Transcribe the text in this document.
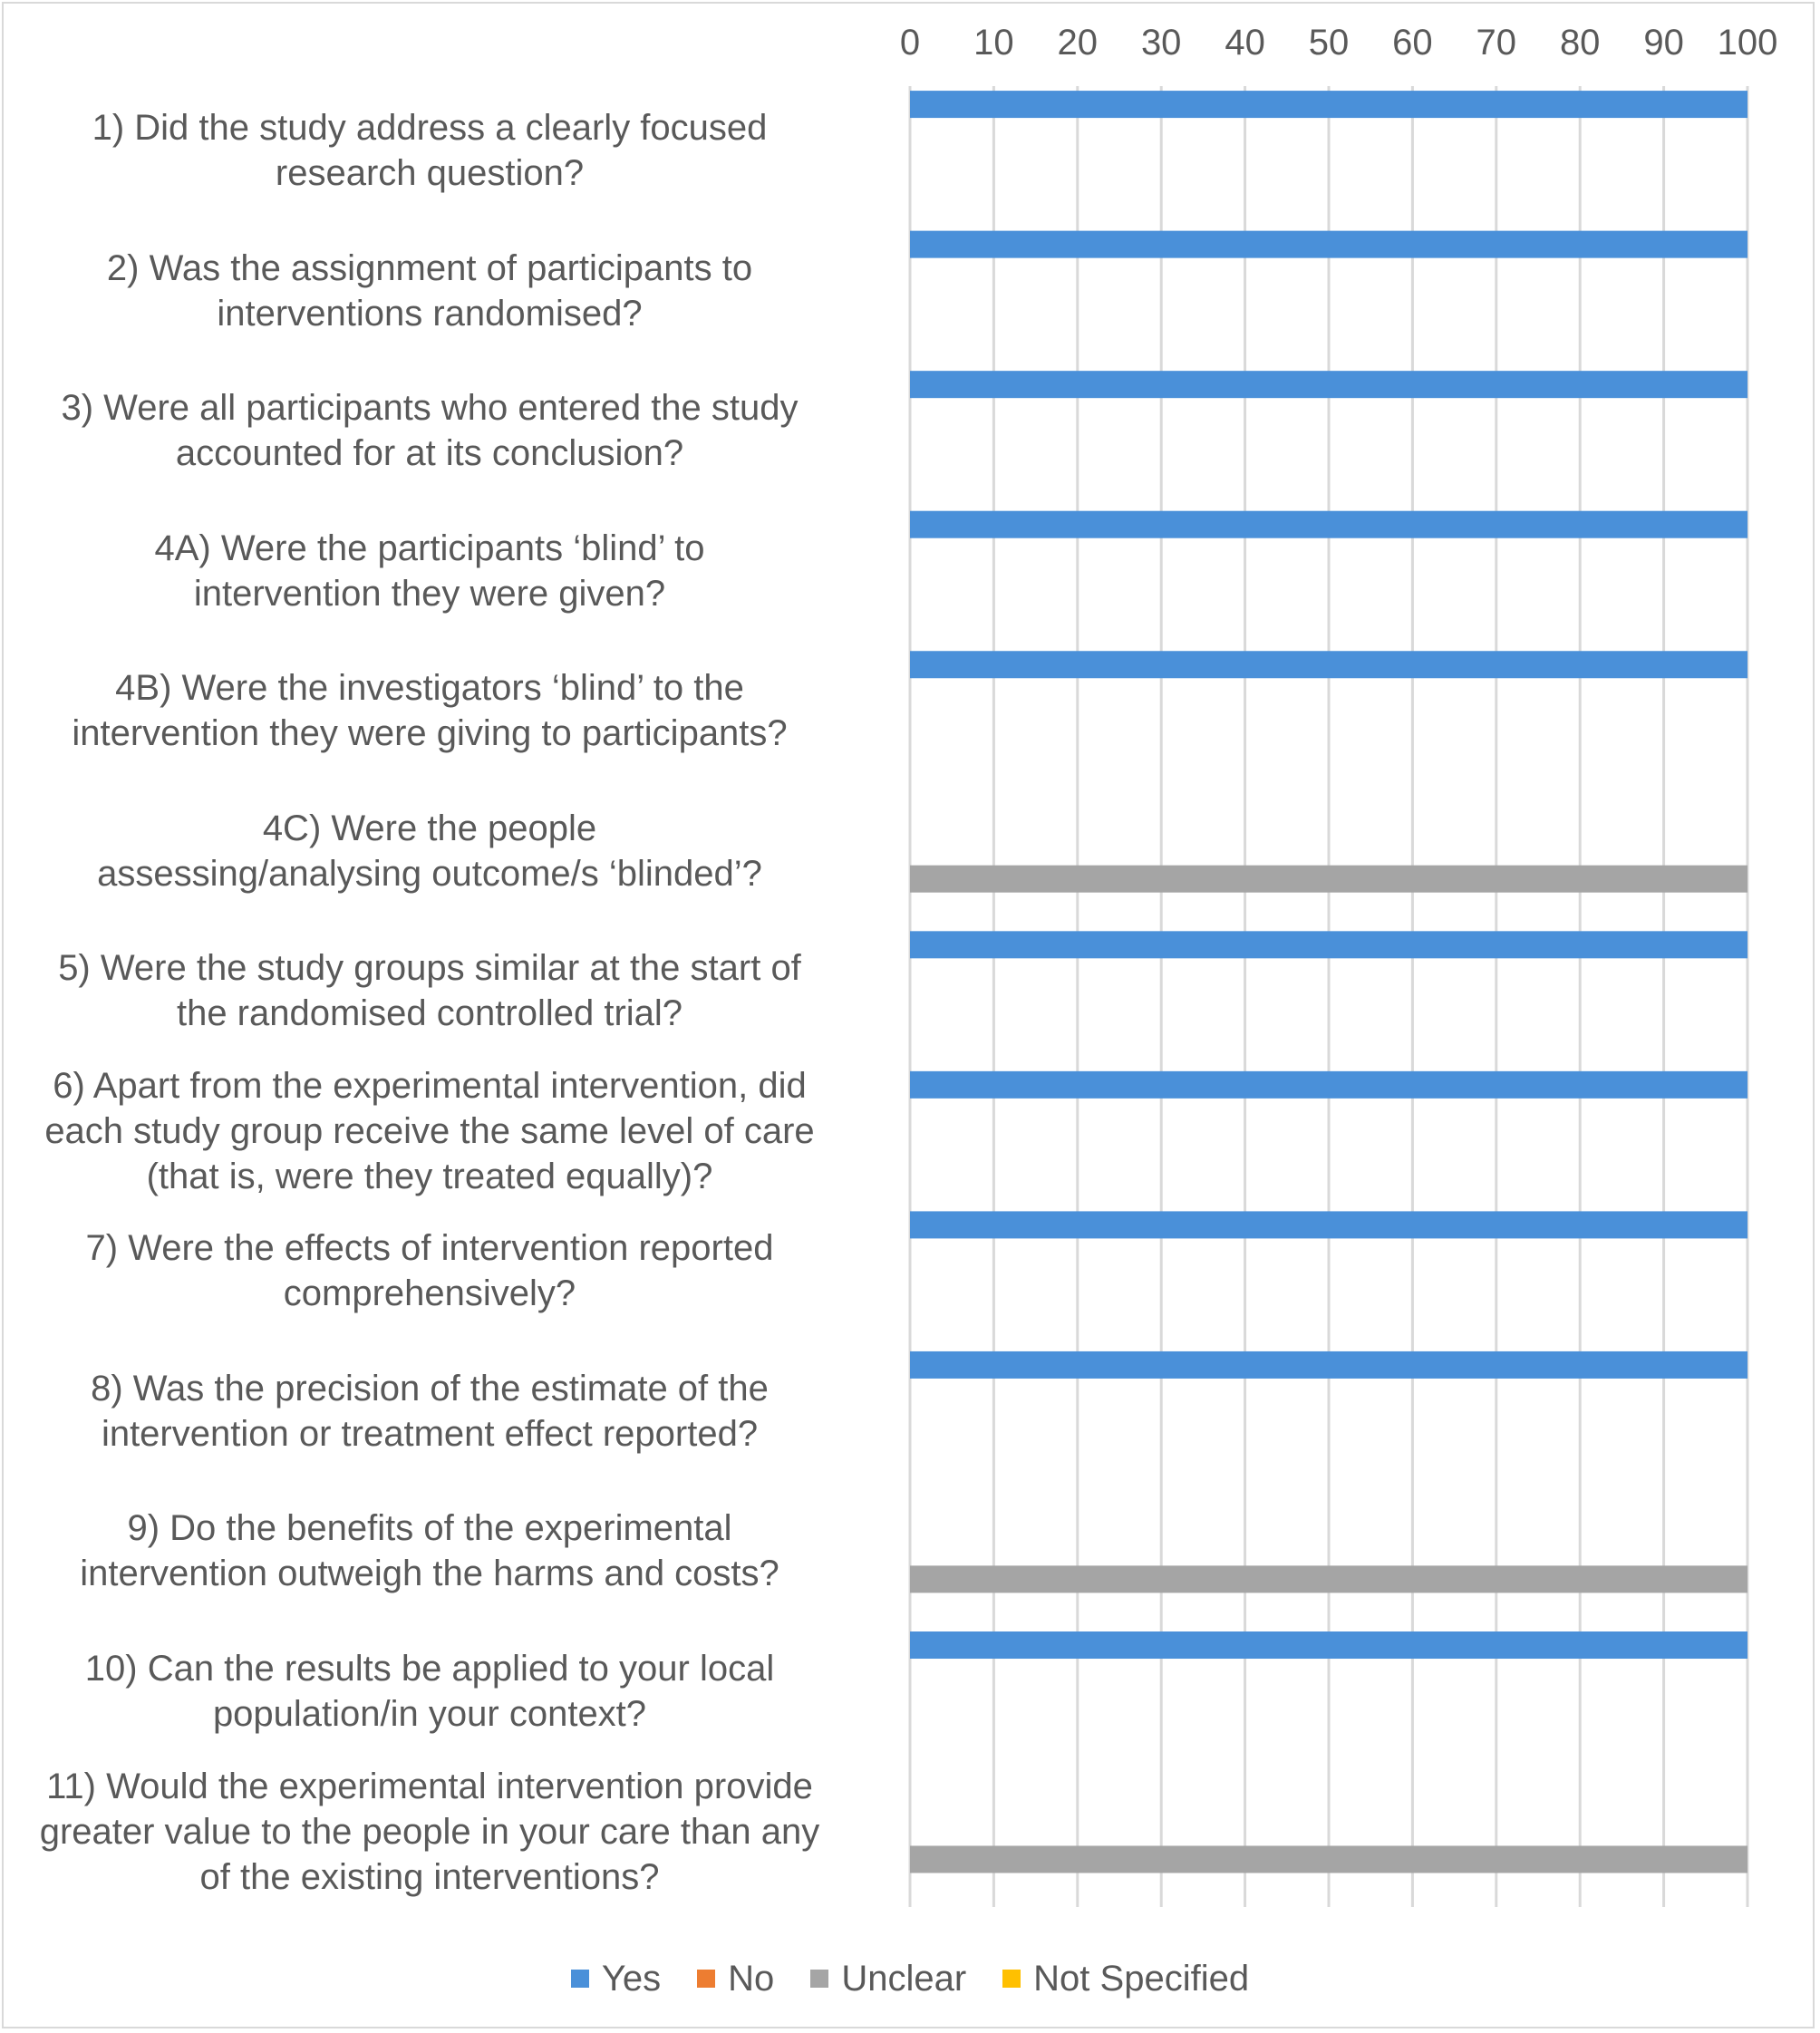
0 10 20 30 40 50 60 70 80 90 100
1) Did the study address a clearly focused
research question?
2) Was the assignment of participants to
interventions randomised?
3) Were all participants who entered the study
accounted for at its conclusion?
4A) Were the participants ‘blind’ to
intervention they were given?
4B) Were the investigators ‘blind’ to the
intervention they were giving to participants?
4C) Were the people
assessing/analysing outcome/s ‘blinded’?
5) Were the study groups similar at the start of
the randomised controlled trial?
6) Apart from the experimental intervention, did
each study group receive the same level of care
(that is, were they treated equally)?
7) Were the effects of intervention reported
comprehensively?
8) Was the precision of the estimate of the
intervention or treatment effect reported?
9) Do the benefits of the experimental
intervention outweigh the harms and costs?
10) Can the results be applied to your local
population/in your context?
11) Would the experimental intervention provide
greater value to the people in your care than any
of the existing interventions?
Yes No Unclear Not Specified
